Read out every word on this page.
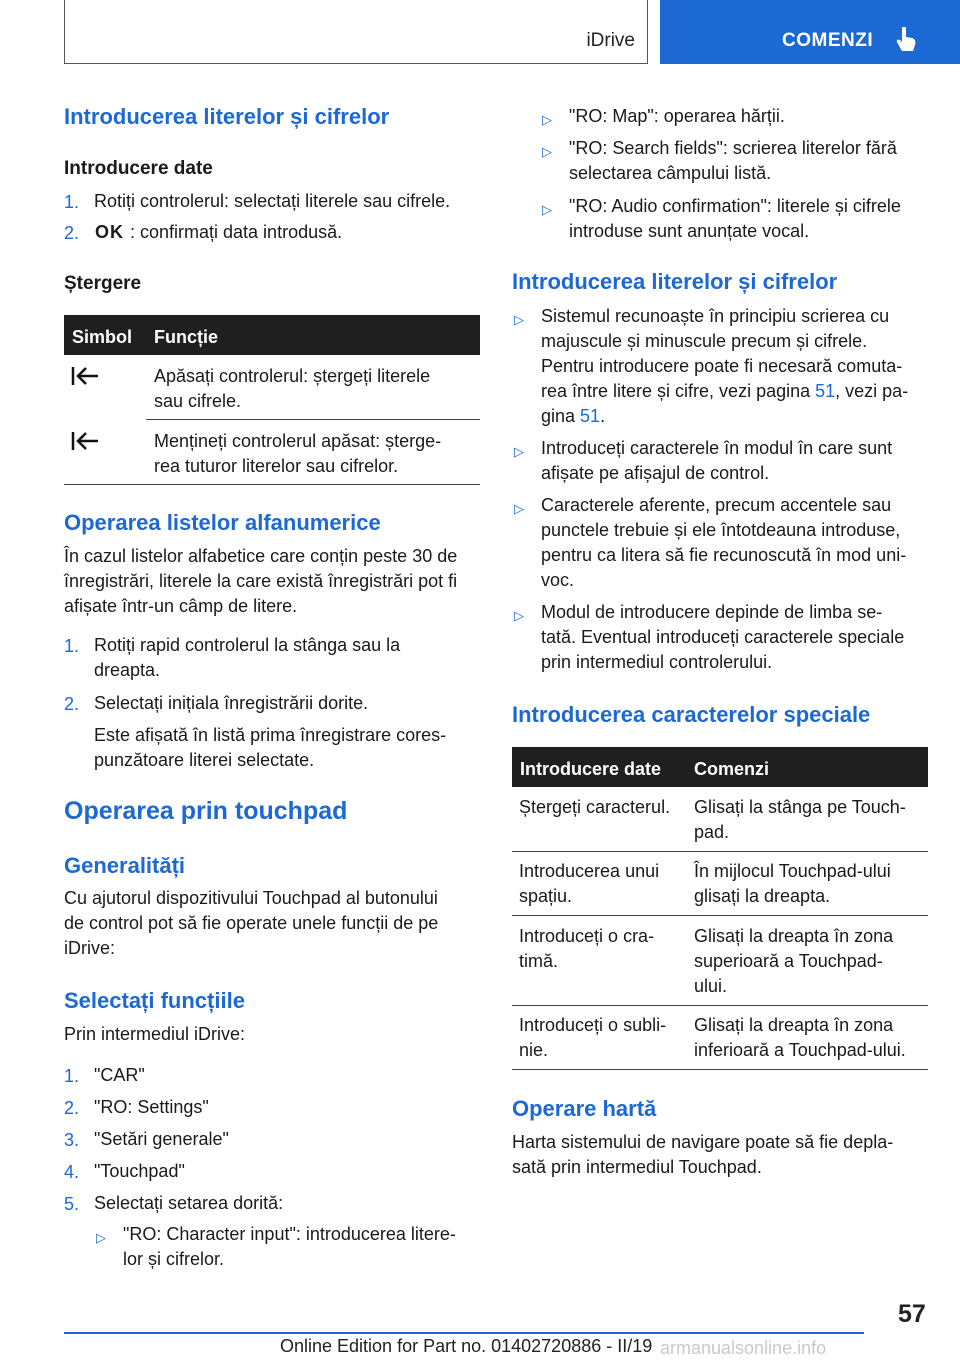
iDrive	COMENZI
Introducerea literelor și cifrelor
Introducere date
1. Rotiți controlerul: selectați literele sau cifrele.
2. OK : confirmați data introdusă.
Ștergere
Simbol Funcție
Apăsați controlerul: ștergeți literele
sau cifrele.
Mențineți controlerul apăsat: șterge-
rea tuturor literelor sau cifrelor.
Operarea listelor alfanumerice
În cazul listelor alfabetice care conțin peste 30 de
înregistrări, literele la care există înregistrări pot fi
afișate într-un câmp de litere.
1. Rotiți rapid controlerul la stânga sau la
dreapta.
2. Selectați inițiala înregistrării dorite.
Este afișată în listă prima înregistrare cores-
punzătoare literei selectate.
Operarea prin touchpad
Generalități
Cu ajutorul dispozitivului Touchpad al butonului
de control pot să fie operate unele funcții de pe
iDrive:
Selectați funcțiile
Prin intermediul iDrive:
1. "CAR"
2. "RO: Settings"
3. "Setări generale"
4. "Touchpad"
5. Selectați setarea dorită:
▷ "RO: Character input": introducerea litere-
lor și cifrelor.
▷ "RO: Map": operarea hărții.
▷ "RO: Search fields": scrierea literelor fără
selectarea câmpului listă.
▷ "RO: Audio confirmation": literele și cifrele
introduse sunt anunțate vocal.
Introducerea literelor și cifrelor
▷ Sistemul recunoaște în principiu scrierea cu
majuscule și minuscule precum și cifrele.
Pentru introducere poate fi necesară comuta-
rea între litere și cifre, vezi pagina 51, vezi pa-
gina 51.
▷ Introduceți caracterele în modul în care sunt
afișate pe afișajul de control.
▷ Caracterele aferente, precum accentele sau
punctele trebuie și ele întotdeauna introduse,
pentru ca litera să fie recunoscută în mod uni-
voc.
▷ Modul de introducere depinde de limba se-
tată. Eventual introduceți caracterele speciale
prin intermediul controlerului.
Introducerea caracterelor speciale
Introducere date Comenzi
Ștergeți caracterul.	Glisați la stânga pe Touch-
pad.
Introducerea unui
spațiu.
În mijlocul Touchpad-ului
glisați la dreapta.
Introduceți o cra-
timă.
Glisați la dreapta în zona
superioară a Touchpad-
ului.
Introduceți o subli-
nie.
Glisați la dreapta în zona
inferioară a Touchpad-ului.
Operare hartă
Harta sistemului de navigare poate să fie depla-
sată prin intermediul Touchpad.
57
Online Edition for Part no. 01402720886 - II/19 armanualsonline.info
